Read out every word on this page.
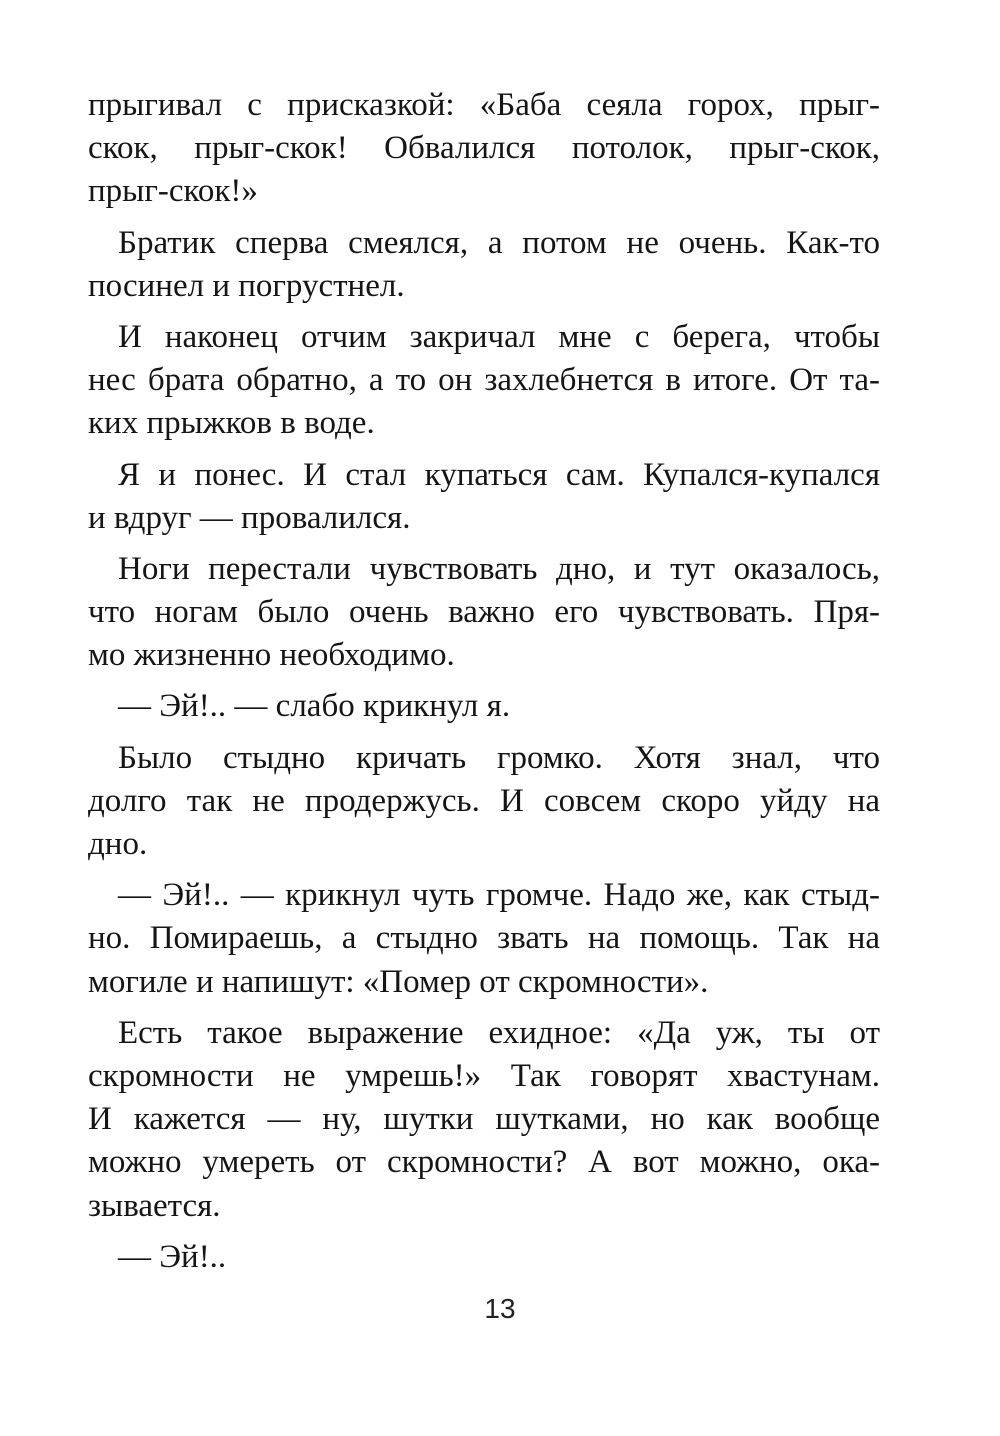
прыгивал с присказкой: «Баба сеяла горох, прыг-
скок, прыг-скок! Обвалился потолок, прыг-скок,
прыг-скок!»
Братик сперва смеялся, а потом не очень. Как-то
посинел и погрустнел.
И наконец отчим закричал мне с берега, чтобы
нес брата обратно, а то он захлебнется в итоге. От та-
ких прыжков в воде.
Я и понес. И стал купаться сам. Купался-купался
и вдруг — провалился.
Ноги перестали чувствовать дно, и тут оказалось,
что ногам было очень важно его чувствовать. Пря-
мо жизненно необходимо.
— Эй!.. — слабо крикнул я.
Было стыдно кричать громко. Хотя знал, что
долго так не продержусь. И совсем скоро уйду на
дно.
— Эй!.. — крикнул чуть громче. Надо же, как стыд-
но. Помираешь, а стыдно звать на помощь. Так на
могиле и напишут: «Помер от скромности».
Есть такое выражение ехидное: «Да уж, ты от
скромности не умрешь!» Так говорят хвастунам.
И кажется — ну, шутки шутками, но как вообще
можно умереть от скромности? А вот можно, ока-
зывается.
— Эй!..
13
